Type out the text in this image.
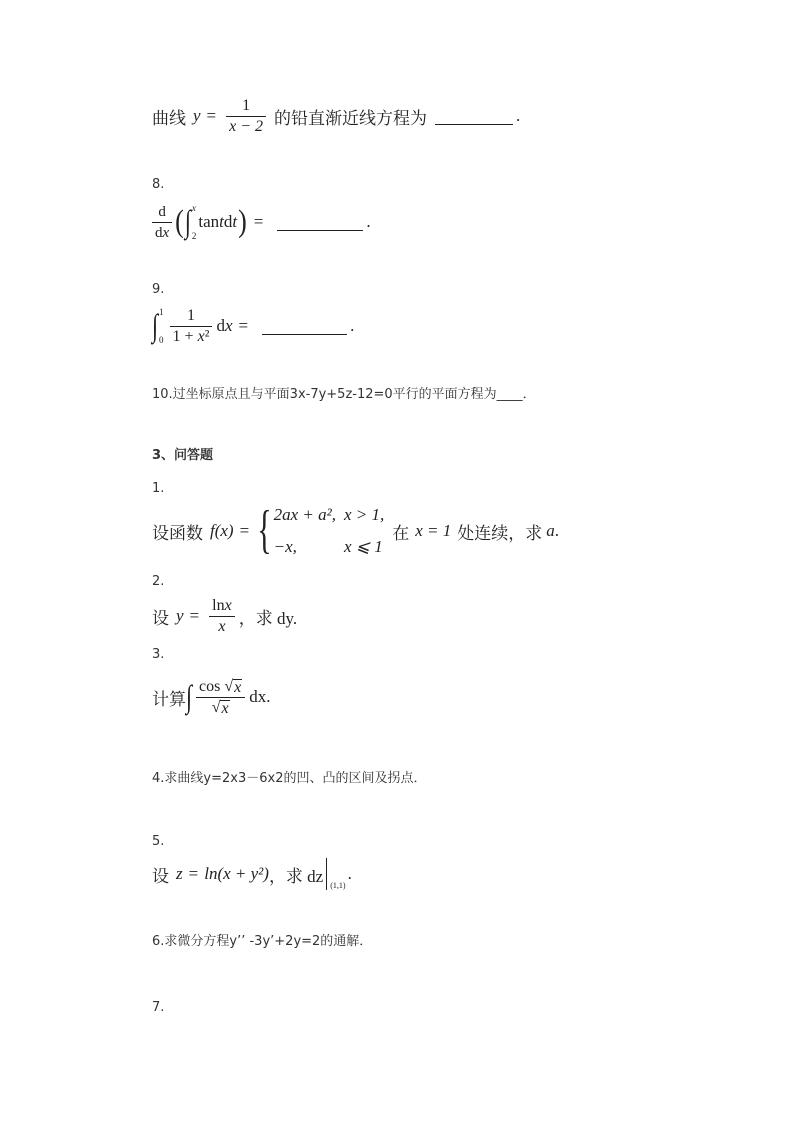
曲线 $y = \frac{1}{x - 2}$ 的铅直渐近线方程为	.
8.
$\frac{d}{dx}$ ( ∫ x
2
tan t d t ) =	.
9.
∫ 1
$0 \frac{1}{\text{1 + x²}}$ d x =	.
10.过坐标原点且与平面3x-7y+5z-12=0平行的平面方程为____．
3、问答题
1.
设函数 f(x) = { 2ax + a², x > 1,
−x,	x ⩽ 1
在 x = 1 处连续，求 a .
2.
设 $y = \frac{\ln x}{x}$ ，求 dy.
3.
计算 ∫ $\frac{\cos √ x}{√ x}$ dx.
4.求曲线y=2x3－6x2的凹、凸的区间及拐点．
5.
设 z = ln(x + y²) ，求 dz (1,1)
.
6.求微分方程y’’ -3y’+2y=2的通解．
7.
